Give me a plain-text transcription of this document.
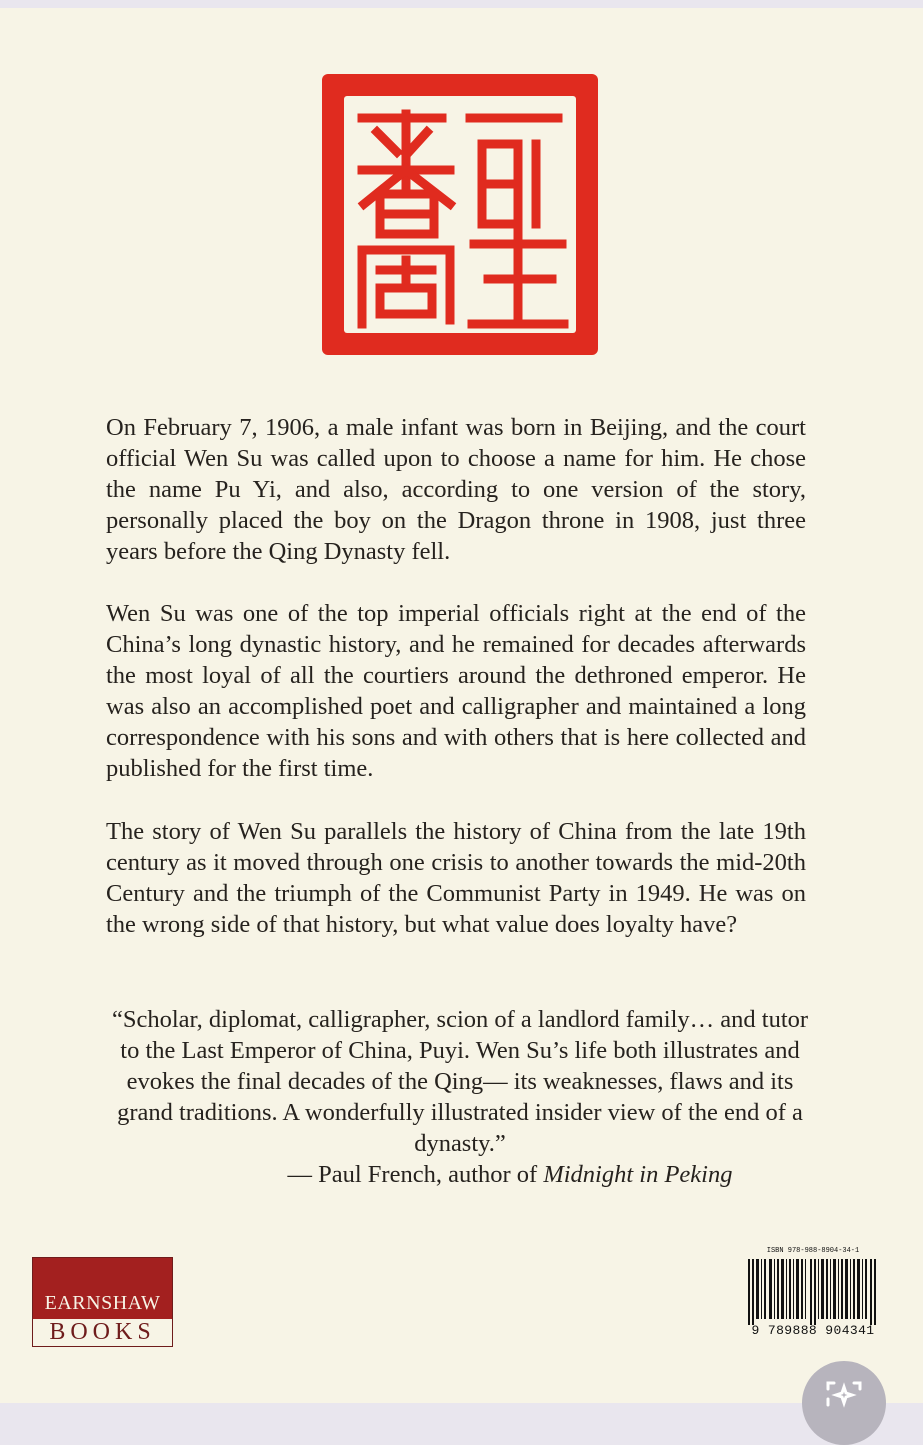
On February 7, 1906, a male infant was born in Beijing, and the court official Wen Su was called upon to choose a name for him. He chose the name Pu Yi, and also, according to one version of the story, personally placed the boy on the Dragon throne in 1908, just three years before the Qing Dynasty fell.

Wen Su was one of the top imperial officials right at the end of the China’s long dynastic history, and he remained for decades afterwards the most loyal of all the courtiers around the dethroned emperor. He was also an accomplished poet and calligrapher and maintained a long correspondence with his sons and with others that is here collected and published for the first time.

The story of Wen Su parallels the history of China from the late 19th century as it moved through one crisis to another towards the mid-20th Century and the triumph of the Communist Party in 1949. He was on the wrong side of that history, but what value does loyalty have?

“Scholar, diplomat, calligrapher, scion of a landlord family… and tutor to the Last Emperor of China, Puyi. Wen Su’s life both illustrates and evokes the final decades of the Qing— its weaknesses, flaws and its grand traditions. A wonderfully illustrated insider view of the end of a dynasty.”

— Paul French, author of Midnight in Peking

EARNSHAW
BOOKS
ISBN 978-988-8904-34-1
9 789888 904341
